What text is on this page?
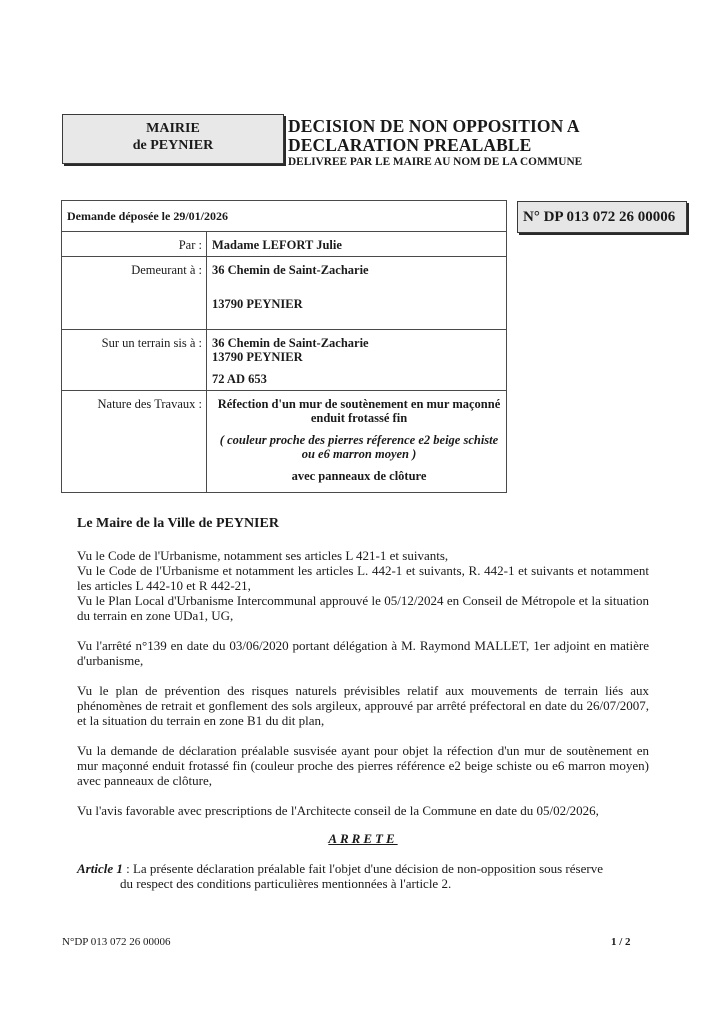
MAIRIE
de PEYNIER
DECISION DE NON OPPOSITION A
DECLARATION PREALABLE
DELIVREE PAR LE MAIRE AU NOM DE LA COMMUNE
N° DP 013 072 26 00006
Demande déposée le 29/01/2026	
Par :	Madame LEFORT Julie

Demeurant à :	36 Chemin de Saint-Zacharie
13790 PEYNIER

Sur un terrain sis à :	36 Chemin de Saint-Zacharie
13790 PEYNIER
72 AD 653

Nature des Travaux :	Réfection d'un mur de soutènement en mur maçonné
enduit frotassé fin
( couleur proche des pierres réference e2 beige schiste
ou e6 marron moyen )
avec panneaux de clôture
Le Maire de la Ville de PEYNIER

Vu le Code de l'Urbanisme, notamment ses articles L 421-1 et suivants,

Vu le Code de l'Urbanisme et notamment les articles L. 442-1 et suivants, R. 442-1 et suivants et notamment les articles L 442-10 et R 442-21,

Vu le Plan Local d'Urbanisme Intercommunal approuvé le 05/12/2024 en Conseil de Métropole et la situation du terrain en zone UDa1, UG,

Vu l'arrêté n°139 en date du 03/06/2020 portant délégation à M. Raymond MALLET, 1er adjoint en matière d'urbanisme,

Vu le plan de prévention des risques naturels prévisibles relatif aux mouvements de terrain liés aux phénomènes de retrait et gonflement des sols argileux, approuvé par arrêté préfectoral en date du 26/07/2007, et la situation du terrain en zone B1 du dit plan,

Vu la demande de déclaration préalable susvisée ayant pour objet la réfection d'un mur de soutènement en mur maçonné enduit frotassé fin (couleur proche des pierres référence e2 beige schiste ou e6 marron moyen) avec panneaux de clôture,

Vu l'avis favorable avec prescriptions de l'Architecte conseil de la Commune en date du 05/02/2026,

ARRETE
Article 1 : La présente déclaration préalable fait l'objet d'une décision de non-opposition sous réserve
du respect des conditions particulières mentionnées à l'article 2.
N°DP 013 072 26 00006	1 / 2
